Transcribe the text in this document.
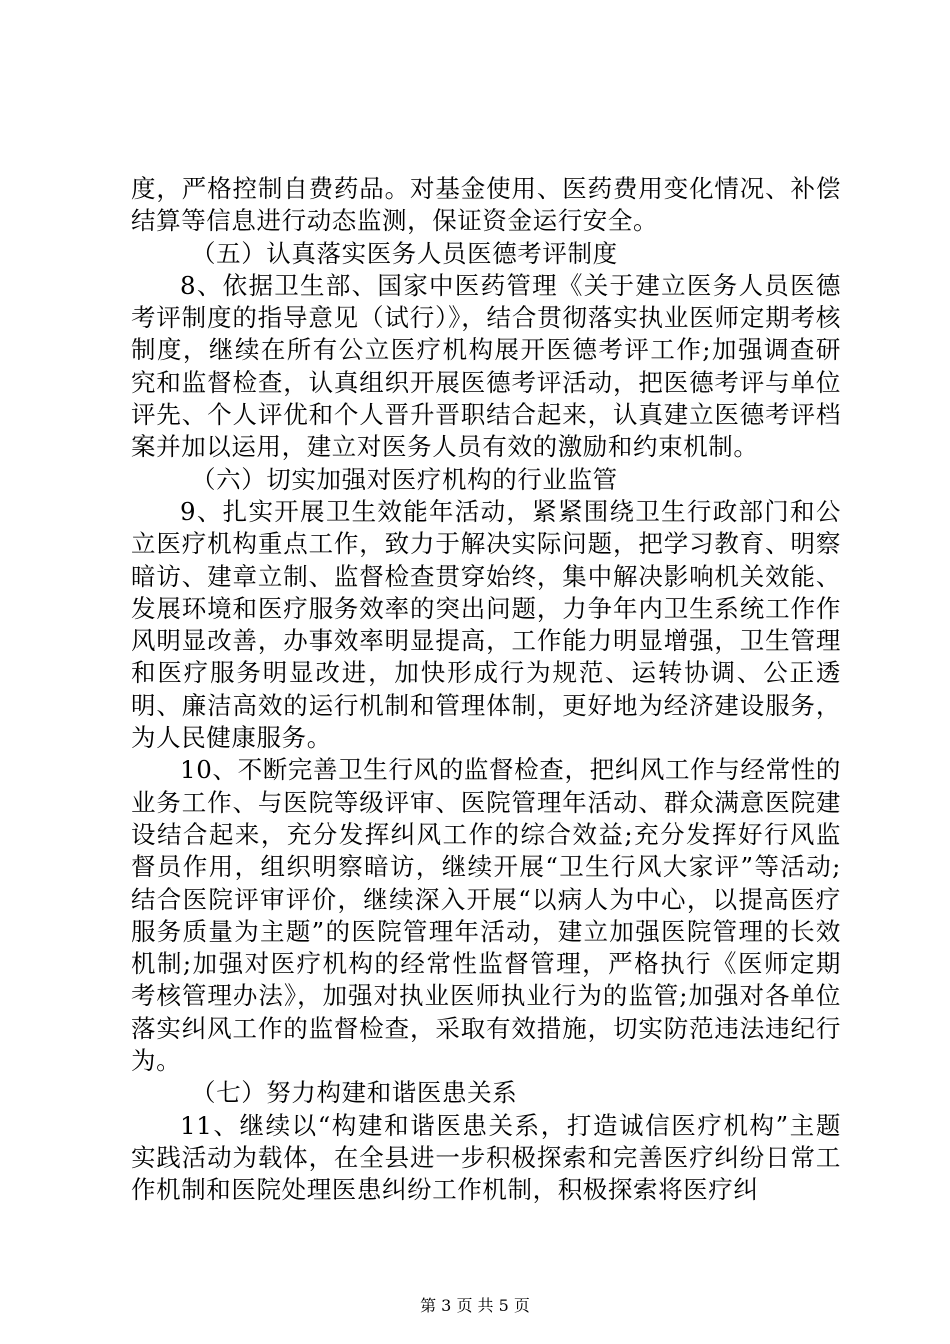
度，严格控制自费药品。对基金使用、医药费用变化情况、补偿结算等信息进行动态监测，保证资金运行安全。

（五）认真落实医务人员医德考评制度

8、依据卫生部、国家中医药管理《关于建立医务人员医德考评制度的指导意见（试行）》，结合贯彻落实执业医师定期考核制度，继续在所有公立医疗机构展开医德考评工作;加强调查研究和监督检查，认真组织开展医德考评活动，把医德考评与单位评先、个人评优和个人晋升晋职结合起来，认真建立医德考评档案并加以运用，建立对医务人员有效的激励和约束机制。

（六）切实加强对医疗机构的行业监管

9、扎实开展卫生效能年活动，紧紧围绕卫生行政部门和公立医疗机构重点工作，致力于解决实际问题，把学习教育、明察暗访、建章立制、监督检查贯穿始终，集中解决影响机关效能、发展环境和医疗服务效率的突出问题，力争年内卫生系统工作作风明显改善，办事效率明显提高，工作能力明显增强，卫生管理和医疗服务明显改进，加快形成行为规范、运转协调、公正透明、廉洁高效的运行机制和管理体制，更好地为经济建设服务，为人民健康服务。

10、不断完善卫生行风的监督检查，把纠风工作与经常性的业务工作、与医院等级评审、医院管理年活动、群众满意医院建设结合起来，充分发挥纠风工作的综合效益;充分发挥好行风监督员作用，组织明察暗访，继续开展“卫生行风大家评”等活动;结合医院评审评价，继续深入开展“以病人为中心，以提高医疗服务质量为主题”的医院管理年活动，建立加强医院管理的长效机制;加强对医疗机构的经常性监督管理，严格执行《医师定期考核管理办法》，加强对执业医师执业行为的监管;加强对各单位落实纠风工作的监督检查，采取有效措施，切实防范违法违纪行为。

（七）努力构建和谐医患关系

11、继续以“构建和谐医患关系，打造诚信医疗机构”主题实践活动为载体，在全县进一步积极探索和完善医疗纠纷日常工作机制和医院处理医患纠纷工作机制，积极探索将医疗纠

第 3 页 共 5 页
